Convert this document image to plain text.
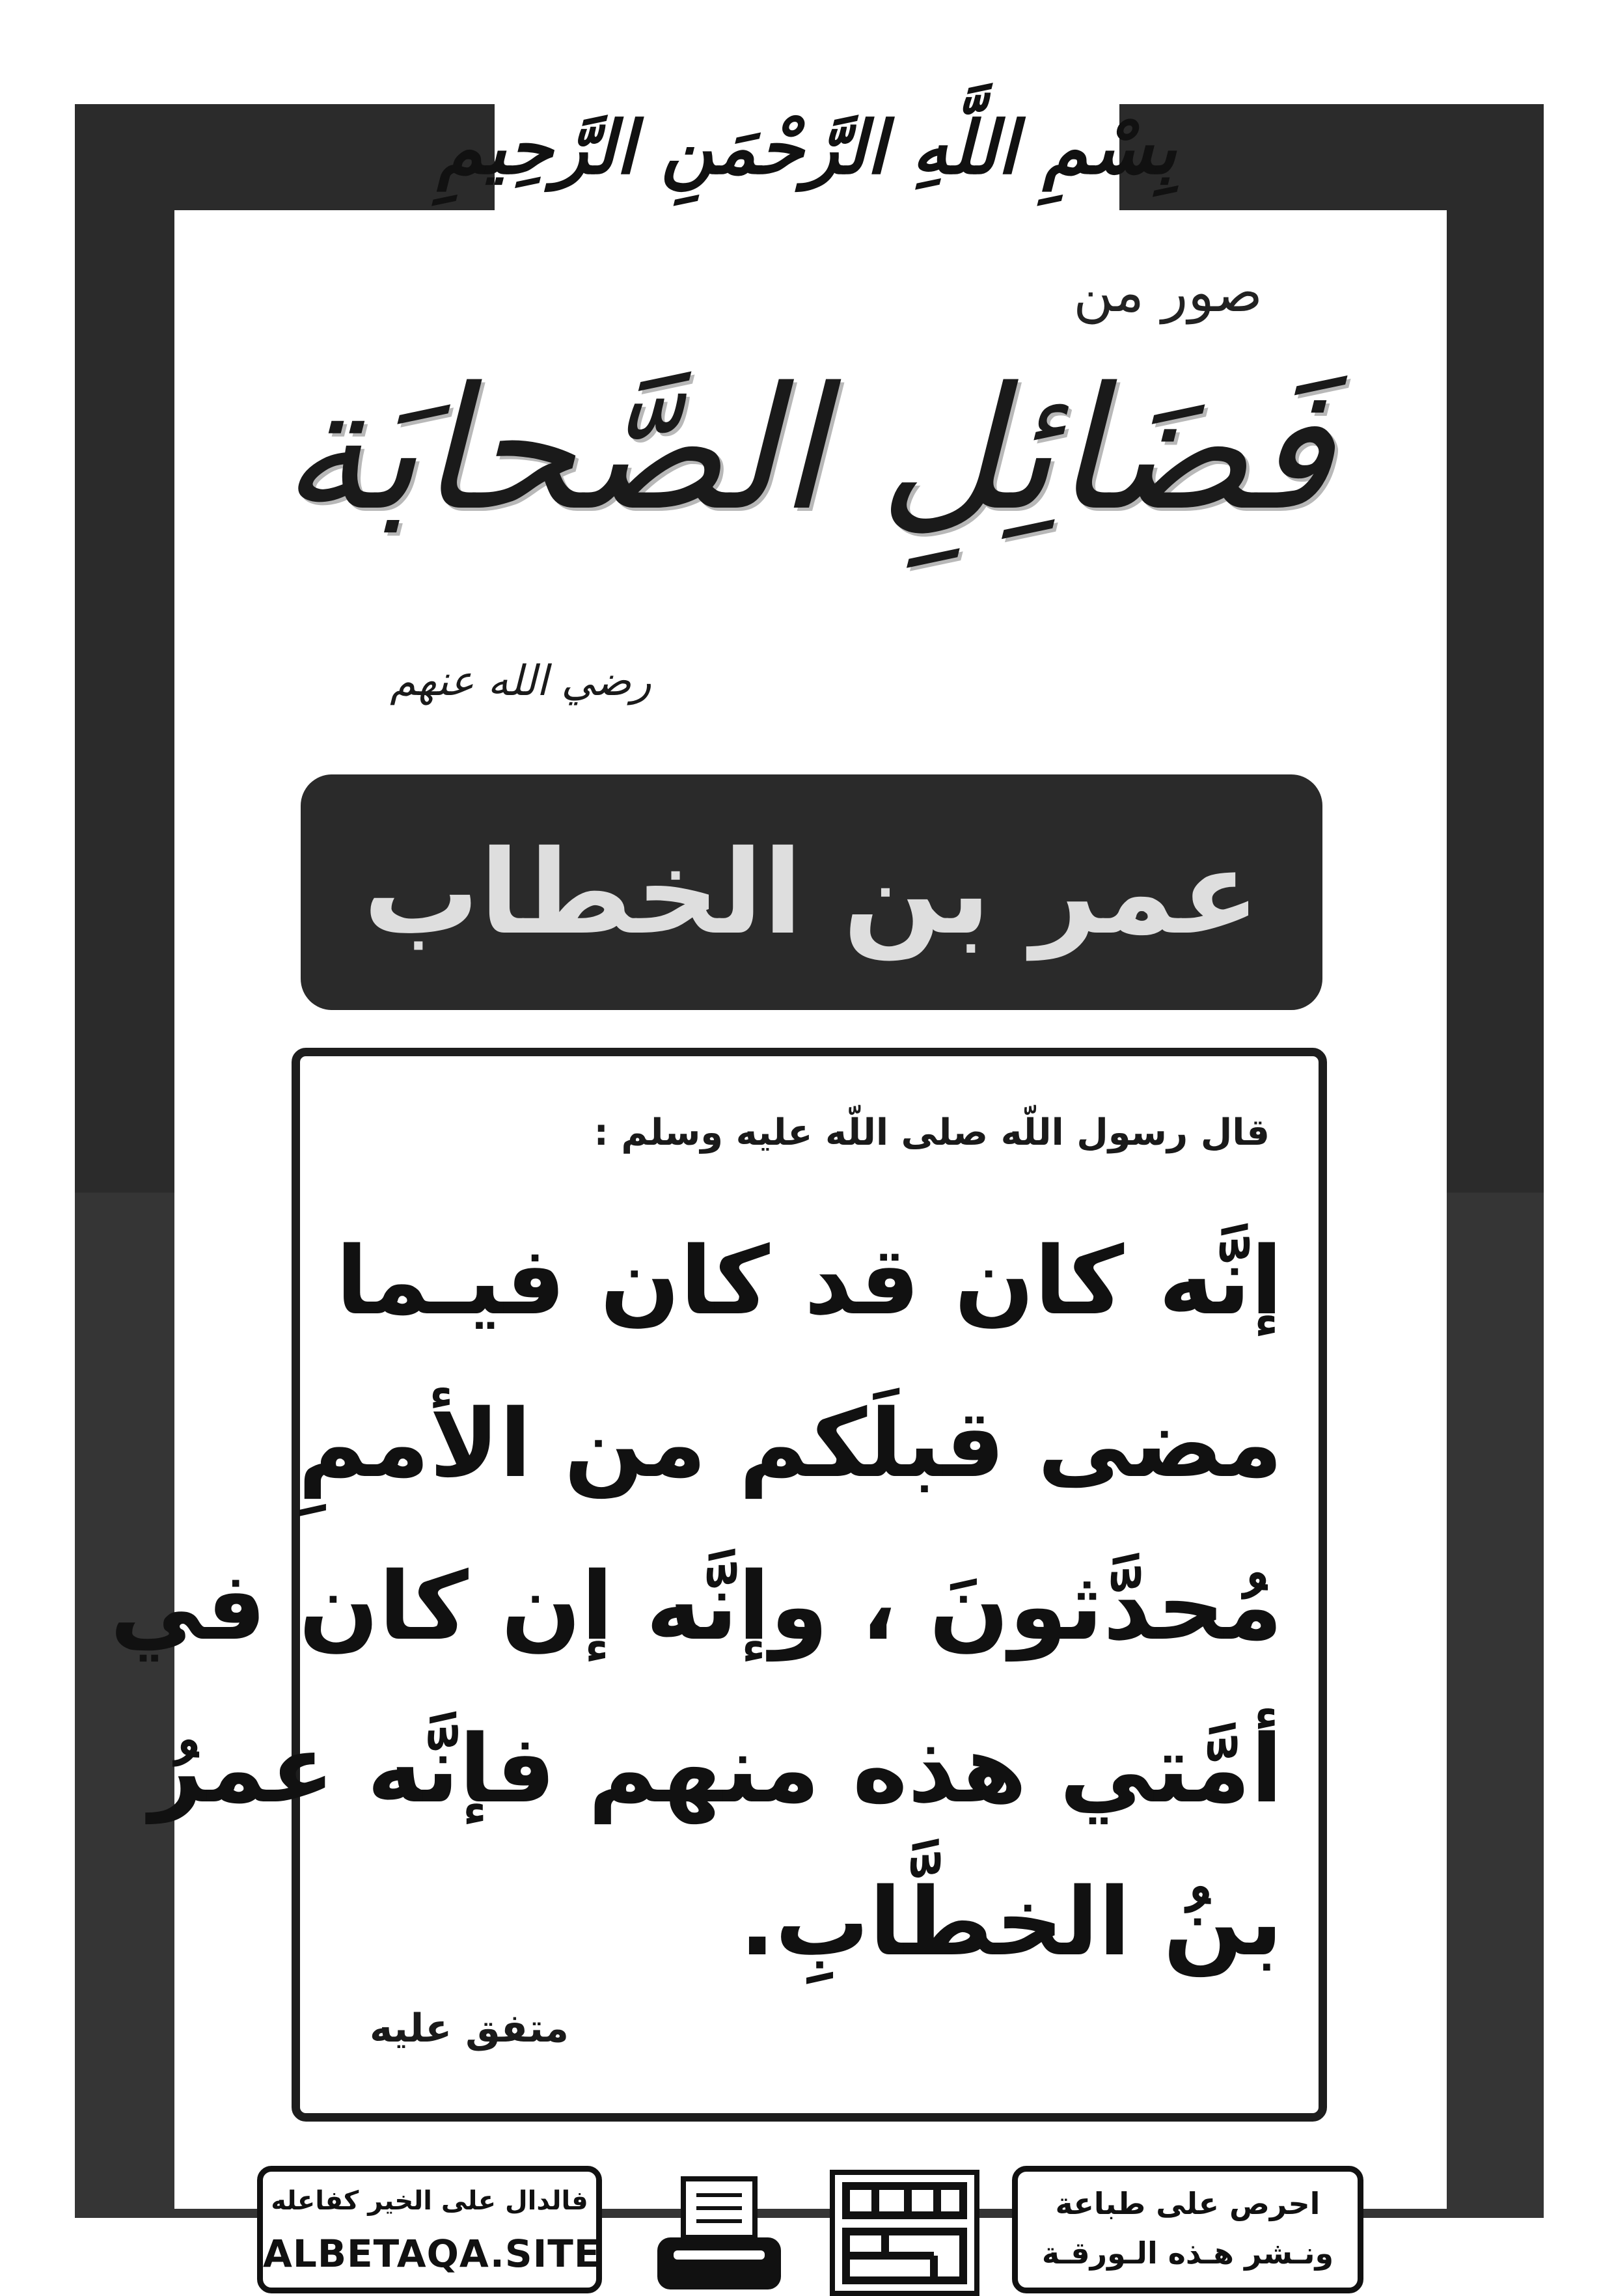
بِسْمِ اللَّهِ الرَّحْمَنِ الرَّحِيمِ
صور من
فَضَائِلِ الصَّحابَة
رضي الله عنهم
عمر بن الخطاب
قال رسول اللّه صلى اللّه عليه وسلم :
إنَّه كان قد كان فيـما
مضى قبلَكم من الأممِ
مُحدَّثونَ ، وإنَّه إن كان في
أمَّتي هذه منهم فإنَّه عمرُ
بنُ الخطَّابِ.
متفق عليه
فالدال على الخير كفاعله
ALBETAQA.SITE
احرص على طباعة
ونـشر هـذه الـورقـة
